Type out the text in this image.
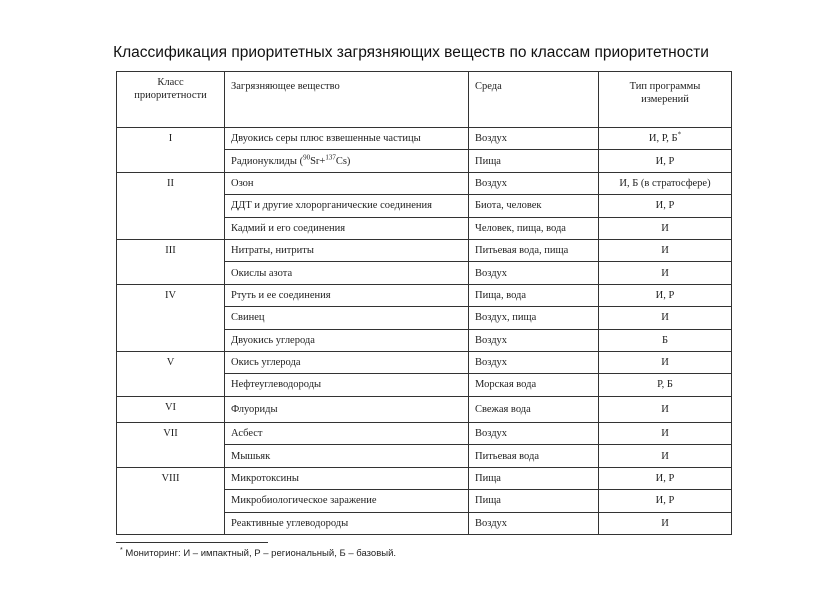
Классификация приоритетных загрязняющих веществ по классам приоритетности
Класс приоритетности	Загрязняющее вещество	Среда	Тип программы измерений
I	Двуокись серы плюс взвешенные частицы	Воздух	И, Р, Б*
	Радионуклиды ($^{90}$Sr+$^{137}$Cs)	Пища	И, Р
II	Озон	Воздух	И, Б (в стратосфере)
	ДДТ и другие хлорорганические соединения	Биота, человек	И, Р
	Кадмий и его соединения	Человек, пища, вода	И
III	Нитраты, нитриты	Питьевая вода, пища	И
	Окислы азота	Воздух	И
IV	Ртуть и ее соединения	Пища, вода	И, Р
	Свинец	Воздух, пища	И
	Двуокись углерода	Воздух	Б
V	Окись углерода	Воздух	И
	Нефтеуглеводороды	Морская вода	Р, Б
VI	Флуориды	Свежая вода	И
VII	Асбест	Воздух	И
	Мышьяк	Питьевая вода	И
VIII	Микротоксины	Пища	И, Р
	Микробиологическое заражение	Пища	И, Р
	Реактивные углеводороды	Воздух	И
* Мониторинг: И – импактный, Р – региональный, Б – базовый.
